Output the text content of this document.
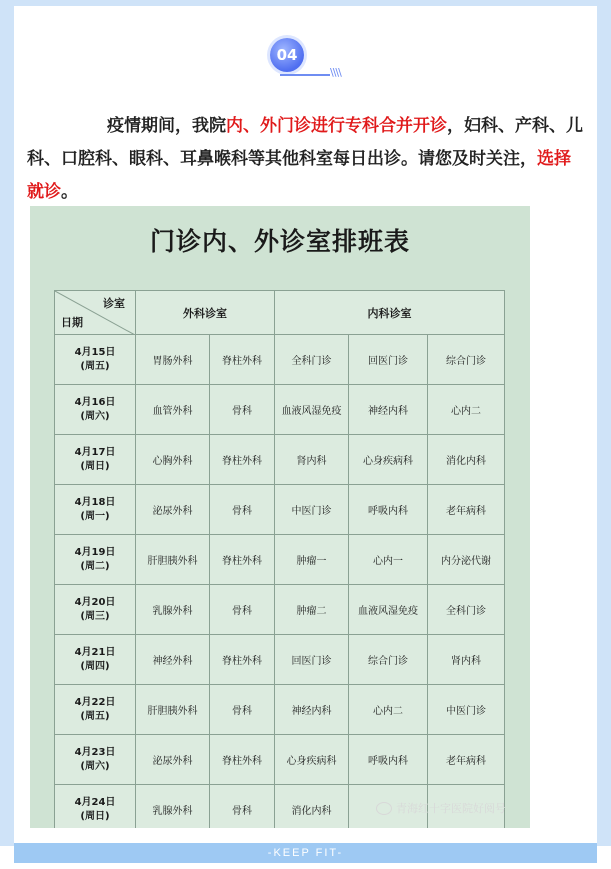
04
\\\\
疫情期间，我院内、外门诊进行专科合并开诊，妇科、产科、儿科、口腔科、眼科、耳鼻喉科等其他科室每日出诊。请您及时关注，选择就诊。
门诊内、外诊室排班表
诊室
日期	外科诊室		内科诊室		

4月15日
(周五)	胃肠外科	脊柱外科	全科门诊	回医门诊	综合门诊

4月16日
(周六)	血管外科	骨科	血液风湿免疫	神经内科	心内二

4月17日
(周日)	心胸外科	脊柱外科	肾内科	心身疾病科	消化内科

4月18日
(周一)	泌尿外科	骨科	中医门诊	呼吸内科	老年病科

4月19日
(周二)	肝胆胰外科	脊柱外科	肿瘤一	心内一	内分泌代谢

4月20日
(周三)	乳腺外科	骨科	肿瘤二	血液风湿免疫	全科门诊

4月21日
(周四)	神经外科	脊柱外科	回医门诊	综合门诊	肾内科

4月22日
(周五)	肝胆胰外科	骨科	神经内科	心内二	中医门诊

4月23日
(周六)	泌尿外科	脊柱外科	心身疾病科	呼吸内科	老年病科

4月24日
(周日)	乳腺外科	骨科	消化内科			青海红十字医院好阅号
-KEEP FIT-
